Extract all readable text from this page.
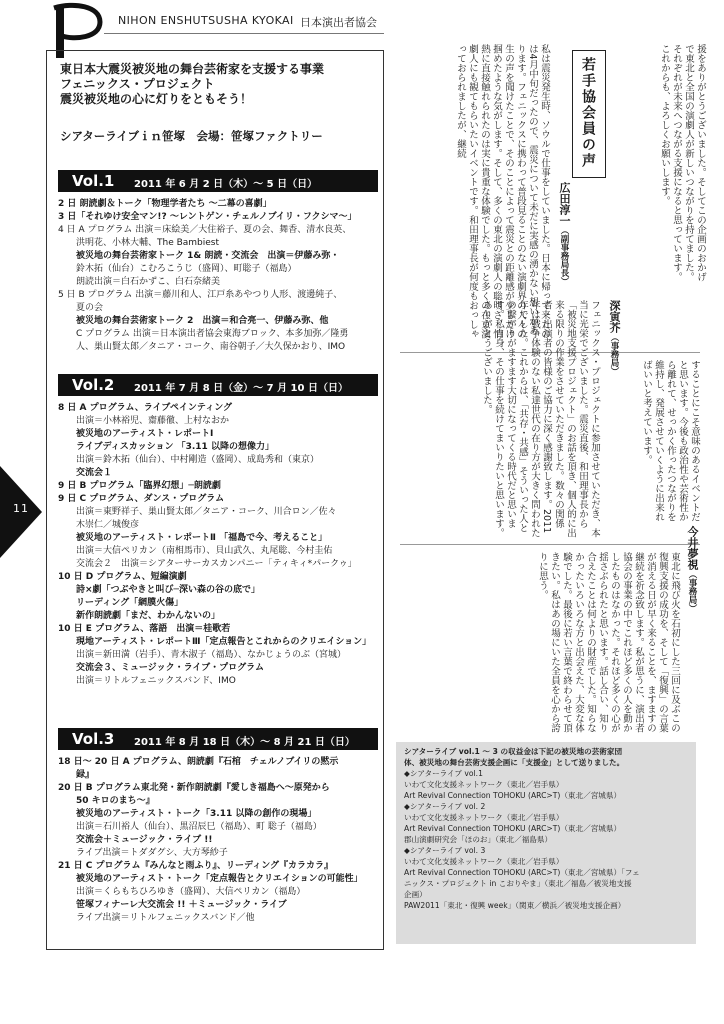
NIHON ENSHUTSUSHA KYOKAI 日本演出者協会
11
東日本大震災被災地の舞台芸術家を支援する事業
フェニックス・プロジェクト
震災被災地の心に灯りをともそう！
シアターライブｉｎ笹塚　会場：笹塚ファクトリー
Vol.1 2011 年 6 月 2 日（木）〜 5 日（日）
2 日 朗読劇＆トーク「物理学者たち ～二幕の喜劇」
3 日「それゆけ安全マン!? ～レントゲン・チェルノブイリ・フクシマ～」
4 日 A プログラム 出演＝床絵美／大住裕子、夏の会、舞香、清水良英、
洪明花、小林大輔、The Bambiest
被災地の舞台芸術家トーク 1& 朗読・交流会　出演＝伊藤み弥・
鈴木拓（仙台）こむろこうじ（盛岡）、町聡子（福島）
朗読出演＝白石かずこ、白石奈緒美
5 日 B プログラム 出演＝藤川和人、江戸糸あやつり人形、渡邊純子、
夏の会
被災地の舞台芸術家トーク 2　出演＝和合亮一、伊藤み弥、他
C プログラム 出演＝日本演出者協会東海ブロック、本多加弥／隆勇
人、巣山賢太郎／タニア・コーク、南谷朝子／大久保かおり、IMO
Vol.2 2011 年 7 月 8 日（金）〜 7 月 10 日（日）
8 日 A プログラム、ライブペインティング
出演＝小林裕児、齋藤徹、上村なおか
被災地のアーティスト・レポートⅠ
ライブディスカッション 「3.11 以降の想像力」
出演＝鈴木拓（仙台）、中村剛造（盛岡）、成島秀和（東京）
交流会１
9 日 B プログラム「臨界幻想」─朗読劇
9 日 C プログラム、ダンス・プログラム
出演＝東野祥子、巣山賢太郎／タニア・コーク、川合ロン／佐々
木崇仁／城俊彦
被災地のアーティスト・レポートⅡ 「福島で今、考えること」
出演＝大信ペリカン（南相馬市）、貝山武久、丸尾聡、今村圭佑
交流会２　出演＝シアターサーカスカンパニー「ティキィ*パークゥ」
10 日 D プログラム、短編演劇
詩×劇「つぶやきと叫び─深い森の谷の底で」
リーディング「網膜火傷」
新作朗読劇「まだ、わかんないの」
10 日 E プログラム、落語　出演＝桂歌若
現地アーティスト・レポートⅢ「定点報告とこれからのクリエイション」
出演＝新田満（岩手）、青木淑子（福島）、なかじょうのぶ（宮城）
交流会３、ミュージック・ライブ・プログラム
出演＝リトルフェニックスバンド、IMO
Vol.3 2011 年 8 月 18 日（木）〜 8 月 21 日（日）
18 日～ 20 日 A プログラム、朗読劇『石棺　チェルノブイリの黙示
録』
20 日 B プログラム東北発・新作朗読劇『愛しき福島へ～原発から
50 キロのまち～』
被災地のアーティスト・トーク「3.11 以降の創作の現場」
出演＝石川裕人（仙台）、黒沼辰巳（福島）、町 聡子（福島）
交流会＋ミュージック・ライブ !!
ライブ出演＝トダダグシ、大方琴紗子
21 日 C プログラム『みんなと雨ふり』、リーディング『カラカラ』
被災地のアーティスト・トーク「定点報告とクリエイションの可能性」
出演＝くらもちひろゆき（盛岡）、大信ペリカン（福島）
笹塚フィナーレ大交流会 !! ＋ミュージック・ライブ
ライブ出演＝リトルフェニックスバンド／他
若手協会員の声	援をありがとうございました。そしてこの企画のおかげで東北と全国の演劇人が新しいつながりを持てました。それぞれが未来へつながる支援になると思っています。これからも、よろしくお願いします。
広田淳一（副事務局長）
私は震災発生時、ソウルで仕事をしていました。日本に帰って来たのは4月中旬だったので、震災について未だに実感の湧かない想いがあります。フェニックスに携わって普段見ることのない演劇界の人々の生の声を聞けたことで、そのことによって震災との距離感が少しだけ掴めたような気がします。そして、多くの東北の演劇人の聡明さ、情熱に直接触れられたのは実に貴重な体験でした。もっと多くの在京演劇人にも観てもらいたいイベントです。和田理事長が何度もおっしゃっておられましたが、継続
することにこそ意味のあるイベントだと思います。今後も政治性や芸術性から離れて、せっかく作ったつながりを維持し、発展させていくように出来ればいいと考えています。
深寅芥（事務局）
フェニックス・プロジェクトに参加させていただき、本当に光栄でございました。震災直後、和田理事長から「被災地支援プロジェクト」のお話を頂き、個人的に出来る限りの作業をさせていただきました。数々の関係者・出演者の皆様のご協力に深く感謝致します。2011年は戦争体験のない私達世代の在り方が大きく問われた年でした。これからは、「共存・共感」そういった人との繋がりがますます大切になってくる時代だと思います。私自身、その仕事を続けてまいりたいと思います。ありがとうございました。
今井夢視（事務局）
東北に飛び火を石初にした三回に及ぶこの復興支援の成功を、そして「復興」の言葉が消える日が早く来ることを、ますますの継続を祈念致します。私が思うに、演出者協会の事業の中でこれほど多くの人を動かしたものはなかった。それほど多くの心が揺さぶられたと思います。話し合い、知り合えたことは何よりの財産でした。知らなかったいろいろな方と出会えた、大変な体験でした。最後に若い言葉で終わらせて頂きたい。私はあの場にいた全員を心から誇りに思う。
シアターライブ vol.1 ～ 3 の収益金は下記の被災地の芸術家団
体、被災地の舞台芸術支援企画に「支援金」として送りました。
◆シアターライブ vol.1
いわて文化支援ネットワーク（東北／岩手県）
Art Revival Connection TOHOKU (ARC>T)（東北／宮城県）
◆シアターライブ vol. 2
いわて文化支援ネットワーク（東北／岩手県）
Art Revival Connection TOHOKU (ARC>T)（東北／宮城県）
郡山演劇研究会「ほのお」（東北／福島県）
◆シアターライブ vol. 3
いわて文化支援ネットワーク（東北／岩手県）
Art Revival Connection TOHOKU (ARC>T)（東北／宮城県）「フェ
ニックス・プロジェクト in こおりやま」（東北／福島／被災地支援
企画）
PAW2011「東北・復興 week」（関東／横浜／被災地支援企画）
